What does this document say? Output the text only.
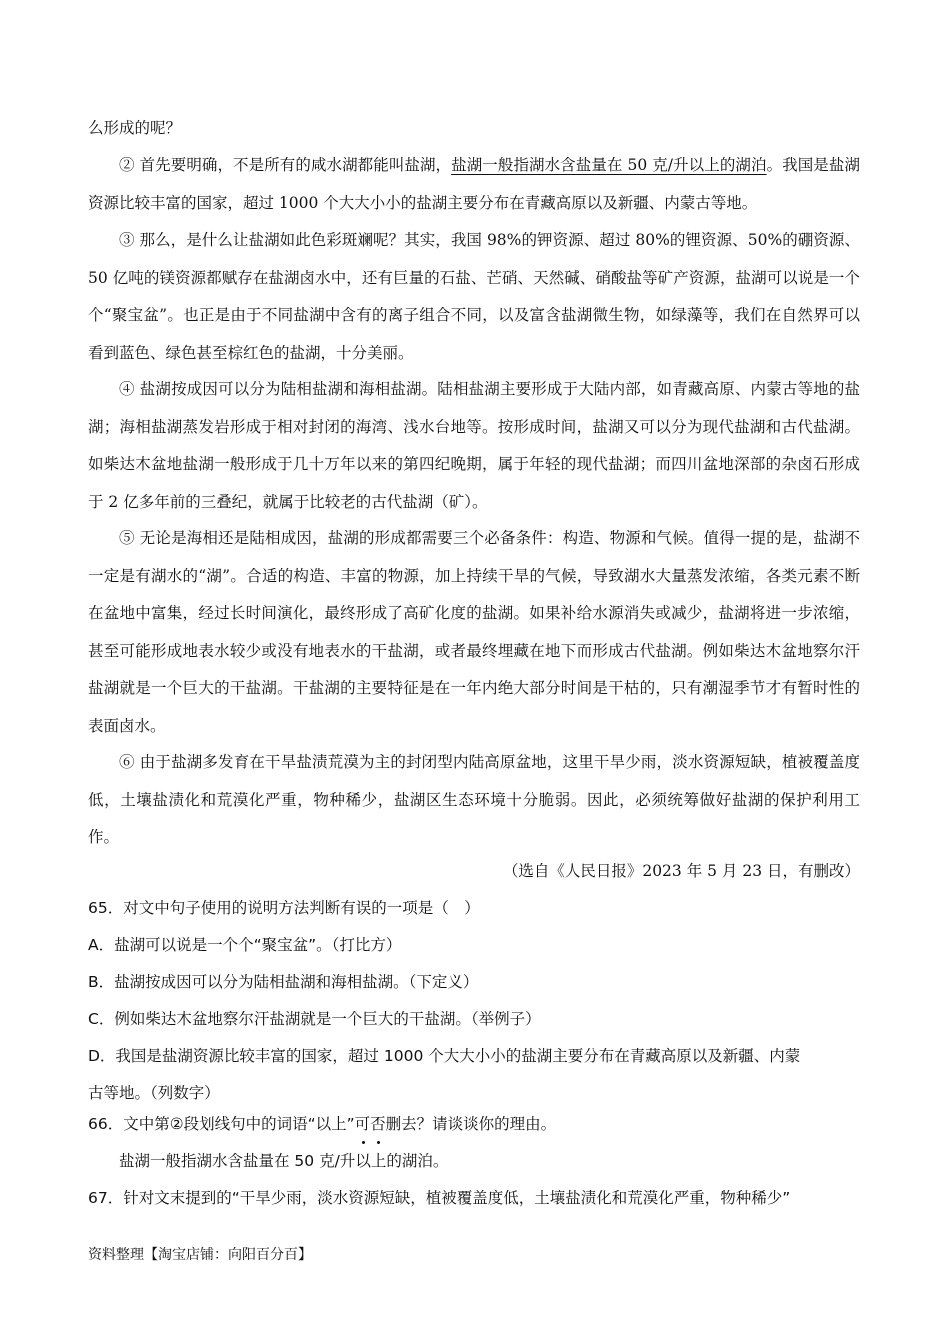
么形成的呢？

② 首先要明确，不是所有的咸水湖都能叫盐湖，盐湖一般指湖水含盐量在 50 克/升以上的湖泊。我国是盐湖资源比较丰富的国家，超过 1000 个大大小小的盐湖主要分布在青藏高原以及新疆、内蒙古等地。

③ 那么，是什么让盐湖如此色彩斑斓呢？其实，我国 98%的钾资源、超过 80%的锂资源、50%的硼资源、50 亿吨的镁资源都赋存在盐湖卤水中，还有巨量的石盐、芒硝、天然碱、硝酸盐等矿产资源，盐湖可以说是一个个“聚宝盆”。也正是由于不同盐湖中含有的离子组合不同，以及富含盐湖微生物，如绿藻等，我们在自然界可以看到蓝色、绿色甚至棕红色的盐湖，十分美丽。

④ 盐湖按成因可以分为陆相盐湖和海相盐湖。陆相盐湖主要形成于大陆内部，如青藏高原、内蒙古等地的盐湖；海相盐湖蒸发岩形成于相对封闭的海湾、浅水台地等。按形成时间，盐湖又可以分为现代盐湖和古代盐湖。如柴达木盆地盐湖一般形成于几十万年以来的第四纪晚期，属于年轻的现代盐湖；而四川盆地深部的杂卤石形成于 2 亿多年前的三叠纪，就属于比较老的古代盐湖（矿）。

⑤ 无论是海相还是陆相成因，盐湖的形成都需要三个必备条件：构造、物源和气候。值得一提的是，盐湖不一定是有湖水的“湖”。合适的构造、丰富的物源，加上持续干旱的气候，导致湖水大量蒸发浓缩，各类元素不断在盆地中富集，经过长时间演化，最终形成了高矿化度的盐湖。如果补给水源消失或减少，盐湖将进一步浓缩，甚至可能形成地表水较少或没有地表水的干盐湖，或者最终埋藏在地下而形成古代盐湖。例如柴达木盆地察尔汗盐湖就是一个巨大的干盐湖。干盐湖的主要特征是在一年内绝大部分时间是干枯的，只有潮湿季节才有暂时性的表面卤水。

⑥ 由于盐湖多发育在干旱盐渍荒漠为主的封闭型内陆高原盆地，这里干旱少雨，淡水资源短缺，植被覆盖度低，土壤盐渍化和荒漠化严重，物种稀少，盐湖区生态环境十分脆弱。因此，必须统筹做好盐湖的保护利用工作。

（选自《人民日报》2023 年 5 月 23 日，有删改）
65．对文中句子使用的说明方法判断有误的一项是（　）
A．盐湖可以说是一个个“聚宝盆”。（打比方）
B．盐湖按成因可以分为陆相盐湖和海相盐湖。（下定义）
C．例如柴达木盆地察尔汗盐湖就是一个巨大的干盐湖。（举例子）
D．我国是盐湖资源比较丰富的国家，超过 1000 个大大小小的盐湖主要分布在青藏高原以及新疆、内蒙
古等地。（列数字）
66．文中第②段划线句中的词语“以上”可否删去？请谈谈你的理由。
盐湖一般指湖水含盐量在 50 克/升以上的湖泊。
67．针对文末提到的“干旱少雨，淡水资源短缺，植被覆盖度低，土壤盐渍化和荒漠化严重，物种稀少”
资料整理【淘宝店铺：向阳百分百】
